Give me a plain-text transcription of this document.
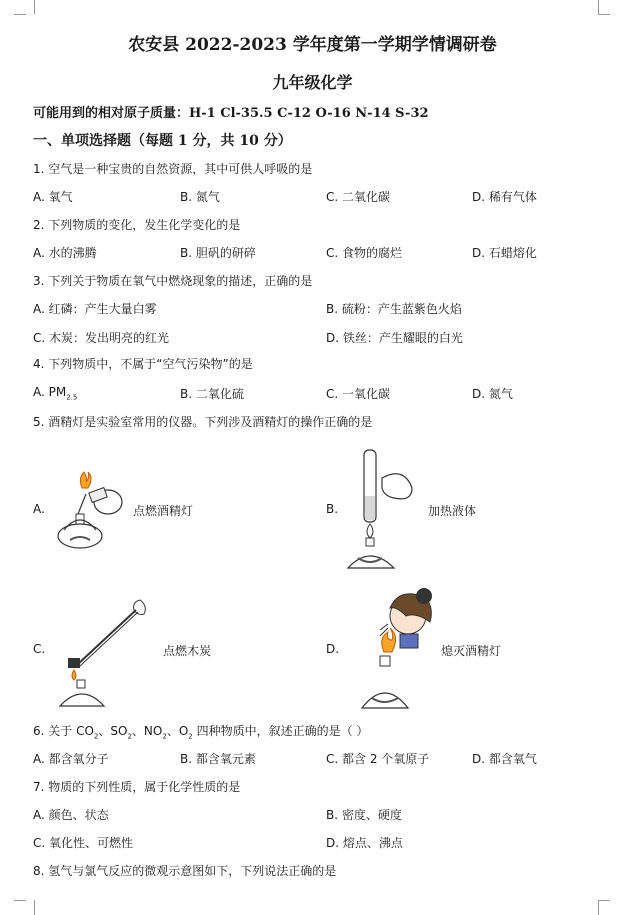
农安县 2022-2023 学年度第一学期学情调研卷
九年级化学
可能用到的相对原子质量：H-1 Cl-35.5 C-12 O-16 N-14 S-32
一、单项选择题（每题 1 分，共 10 分）
1. 空气是一种宝贵的自然资源，其中可供人呼吸的是
A. 氧气	B. 氮气	C. 二氧化碳	D. 稀有气体
2. 下列物质的变化，发生化学变化的是
A. 水的沸腾	B. 胆矾的研碎	C. 食物的腐烂	D. 石蜡熔化
3. 下列关于物质在氧气中燃烧现象的描述，正确的是
A. 红磷：产生大量白雾	B. 硫粉：产生蓝紫色火焰
C. 木炭：发出明亮的红光	D. 铁丝：产生耀眼的白光
4. 下列物质中，不属于“空气污染物”的是
A. $PM_{2.5}$	B. 二氧化硫	C. 一氧化碳	D. 氮气
5. 酒精灯是实验室常用的仪器。下列涉及酒精灯的操作正确的是
A.	点燃酒精灯	B.	加热液体
C.	点燃木炭	D.	熄灭酒精灯
6. 关于 $CO_2$、$SO_2$、$NO_2$、$O_2$ 四种物质中，叙述正确的是（ ）
A. 都含氧分子	B. 都含氧元素	C. 都含 2 个氧原子	D. 都含氧气
7. 物质的下列性质，属于化学性质的是
A. 颜色、状态	B. 密度、硬度
C. 氧化性、可燃性	D. 熔点、沸点
8. 氢气与氯气反应的微观示意图如下，下列说法正确的是
